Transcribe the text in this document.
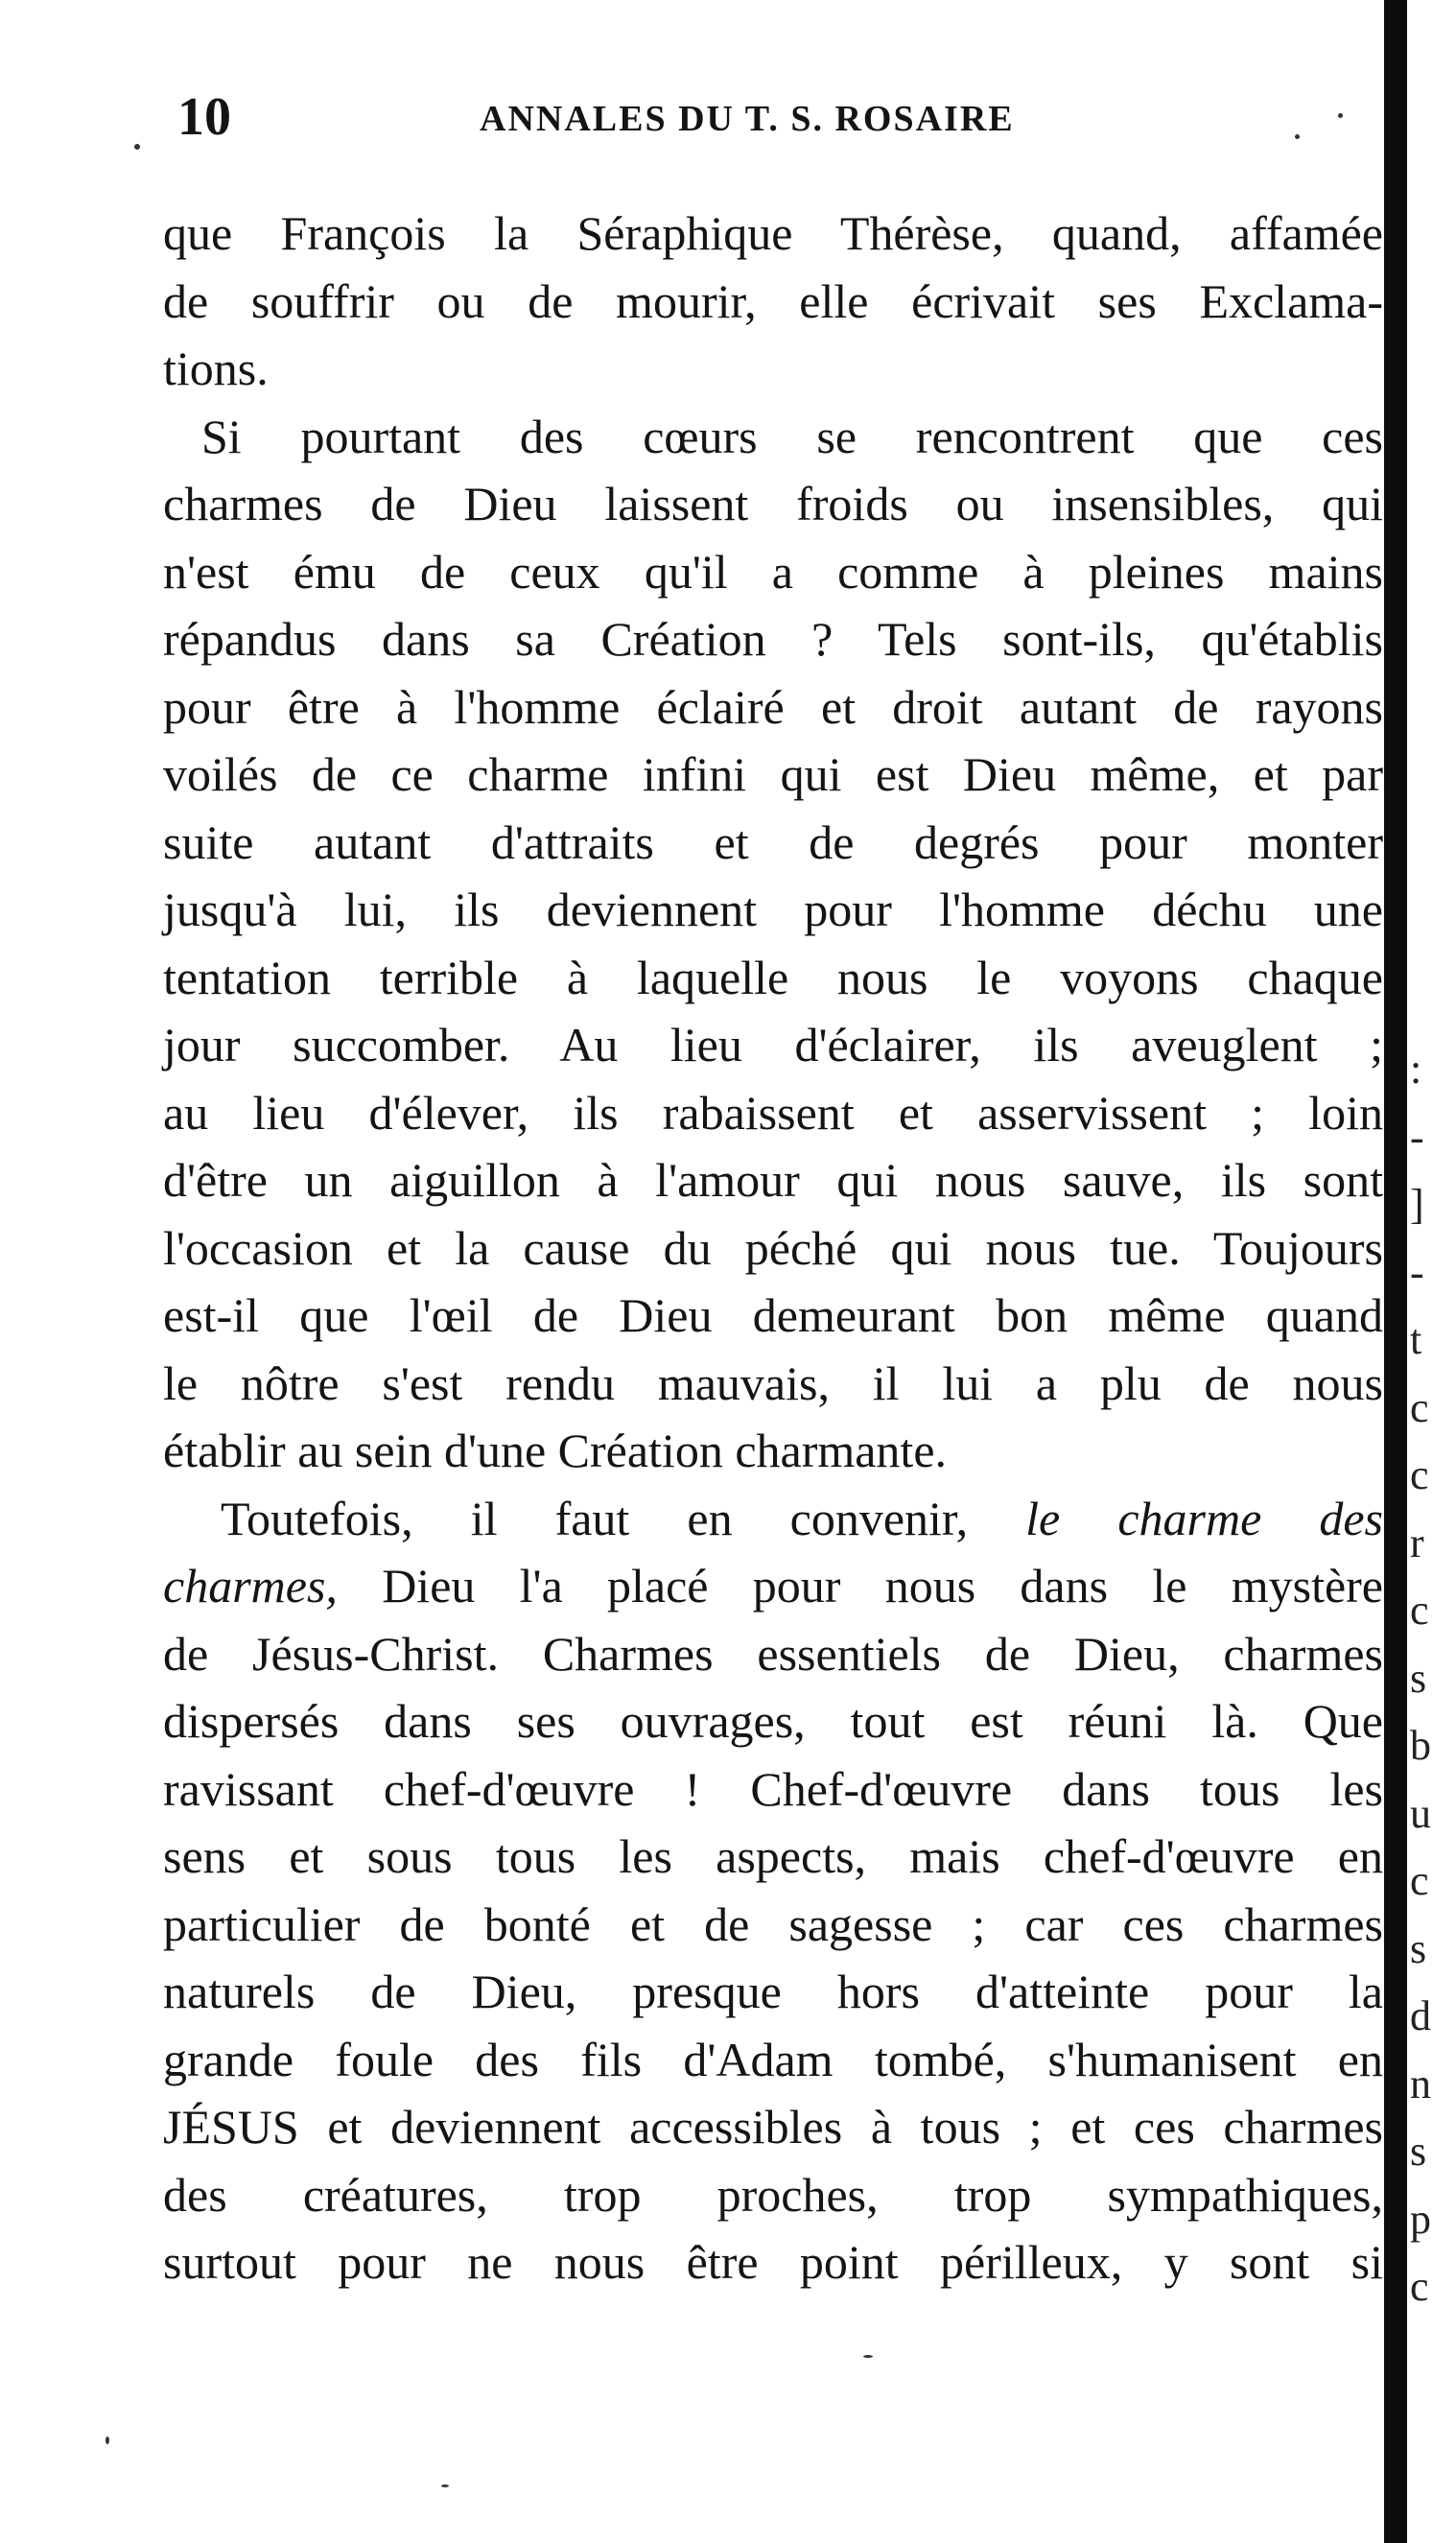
10	ANNALES DU T. S. ROSAIRE
que François la Séraphique Thérèse, quand, affamée
de souffrir ou de mourir, elle écrivait ses Exclama-
tions.
Si pourtant des cœurs se rencontrent que ces
charmes de Dieu laissent froids ou insensibles, qui
n'est ému de ceux qu'il a comme à pleines mains
répandus dans sa Création ? Tels sont-ils, qu'établis
pour être à l'homme éclairé et droit autant de rayons
voilés de ce charme infini qui est Dieu même, et par
suite autant d'attraits et de degrés pour monter
jusqu'à lui, ils deviennent pour l'homme déchu une
tentation terrible à laquelle nous le voyons chaque
jour succomber. Au lieu d'éclairer, ils aveuglent ;
au lieu d'élever, ils rabaissent et asservissent ; loin
d'être un aiguillon à l'amour qui nous sauve, ils sont
l'occasion et la cause du péché qui nous tue. Toujours
est-il que l'œil de Dieu demeurant bon même quand
le nôtre s'est rendu mauvais, il lui a plu de nous
établir au sein d'une Création charmante.
Toutefois, il faut en convenir, le charme des
charmes, Dieu l'a placé pour nous dans le mystère
de Jésus-Christ. Charmes essentiels de Dieu, charmes
dispersés dans ses ouvrages, tout est réuni là. Que
ravissant chef-d'œuvre ! Chef-d'œuvre dans tous les
sens et sous tous les aspects, mais chef-d'œuvre en
particulier de bonté et de sagesse ; car ces charmes
naturels de Dieu, presque hors d'atteinte pour la
grande foule des fils d'Adam tombé, s'humanisent en
JÉSUS et deviennent accessibles à tous ; et ces charmes
des créatures, trop proches, trop sympathiques,
surtout pour ne nous être point périlleux, y sont si
:
-
]
-
t
c
c
r
c
s
b
u
c
s
d
n
s
p
c
